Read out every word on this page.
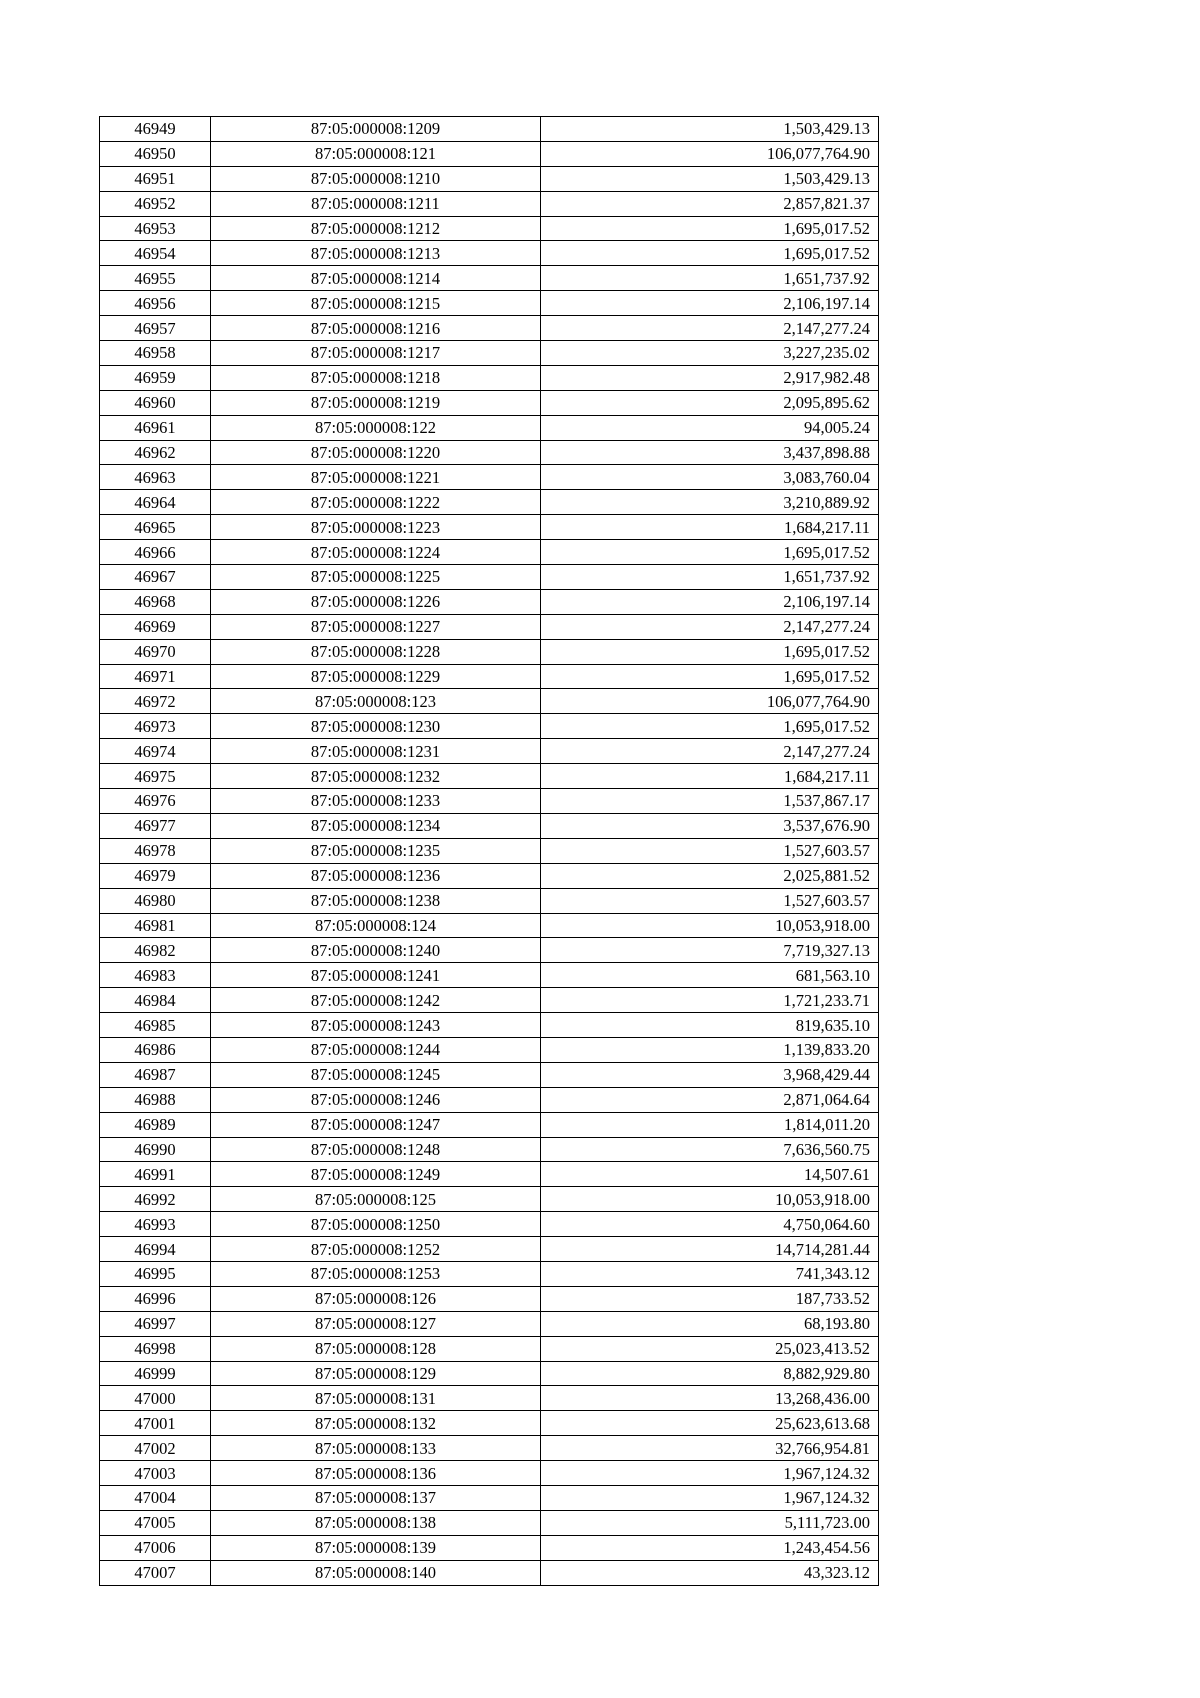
46949	87:05:000008:1209	1,503,429.13
46950	87:05:000008:121	106,077,764.90
46951	87:05:000008:1210	1,503,429.13
46952	87:05:000008:1211	2,857,821.37
46953	87:05:000008:1212	1,695,017.52
46954	87:05:000008:1213	1,695,017.52
46955	87:05:000008:1214	1,651,737.92
46956	87:05:000008:1215	2,106,197.14
46957	87:05:000008:1216	2,147,277.24
46958	87:05:000008:1217	3,227,235.02
46959	87:05:000008:1218	2,917,982.48
46960	87:05:000008:1219	2,095,895.62
46961	87:05:000008:122	94,005.24
46962	87:05:000008:1220	3,437,898.88
46963	87:05:000008:1221	3,083,760.04
46964	87:05:000008:1222	3,210,889.92
46965	87:05:000008:1223	1,684,217.11
46966	87:05:000008:1224	1,695,017.52
46967	87:05:000008:1225	1,651,737.92
46968	87:05:000008:1226	2,106,197.14
46969	87:05:000008:1227	2,147,277.24
46970	87:05:000008:1228	1,695,017.52
46971	87:05:000008:1229	1,695,017.52
46972	87:05:000008:123	106,077,764.90
46973	87:05:000008:1230	1,695,017.52
46974	87:05:000008:1231	2,147,277.24
46975	87:05:000008:1232	1,684,217.11
46976	87:05:000008:1233	1,537,867.17
46977	87:05:000008:1234	3,537,676.90
46978	87:05:000008:1235	1,527,603.57
46979	87:05:000008:1236	2,025,881.52
46980	87:05:000008:1238	1,527,603.57
46981	87:05:000008:124	10,053,918.00
46982	87:05:000008:1240	7,719,327.13
46983	87:05:000008:1241	681,563.10
46984	87:05:000008:1242	1,721,233.71
46985	87:05:000008:1243	819,635.10
46986	87:05:000008:1244	1,139,833.20
46987	87:05:000008:1245	3,968,429.44
46988	87:05:000008:1246	2,871,064.64
46989	87:05:000008:1247	1,814,011.20
46990	87:05:000008:1248	7,636,560.75
46991	87:05:000008:1249	14,507.61
46992	87:05:000008:125	10,053,918.00
46993	87:05:000008:1250	4,750,064.60
46994	87:05:000008:1252	14,714,281.44
46995	87:05:000008:1253	741,343.12
46996	87:05:000008:126	187,733.52
46997	87:05:000008:127	68,193.80
46998	87:05:000008:128	25,023,413.52
46999	87:05:000008:129	8,882,929.80
47000	87:05:000008:131	13,268,436.00
47001	87:05:000008:132	25,623,613.68
47002	87:05:000008:133	32,766,954.81
47003	87:05:000008:136	1,967,124.32
47004	87:05:000008:137	1,967,124.32
47005	87:05:000008:138	5,111,723.00
47006	87:05:000008:139	1,243,454.56
47007	87:05:000008:140	43,323.12
